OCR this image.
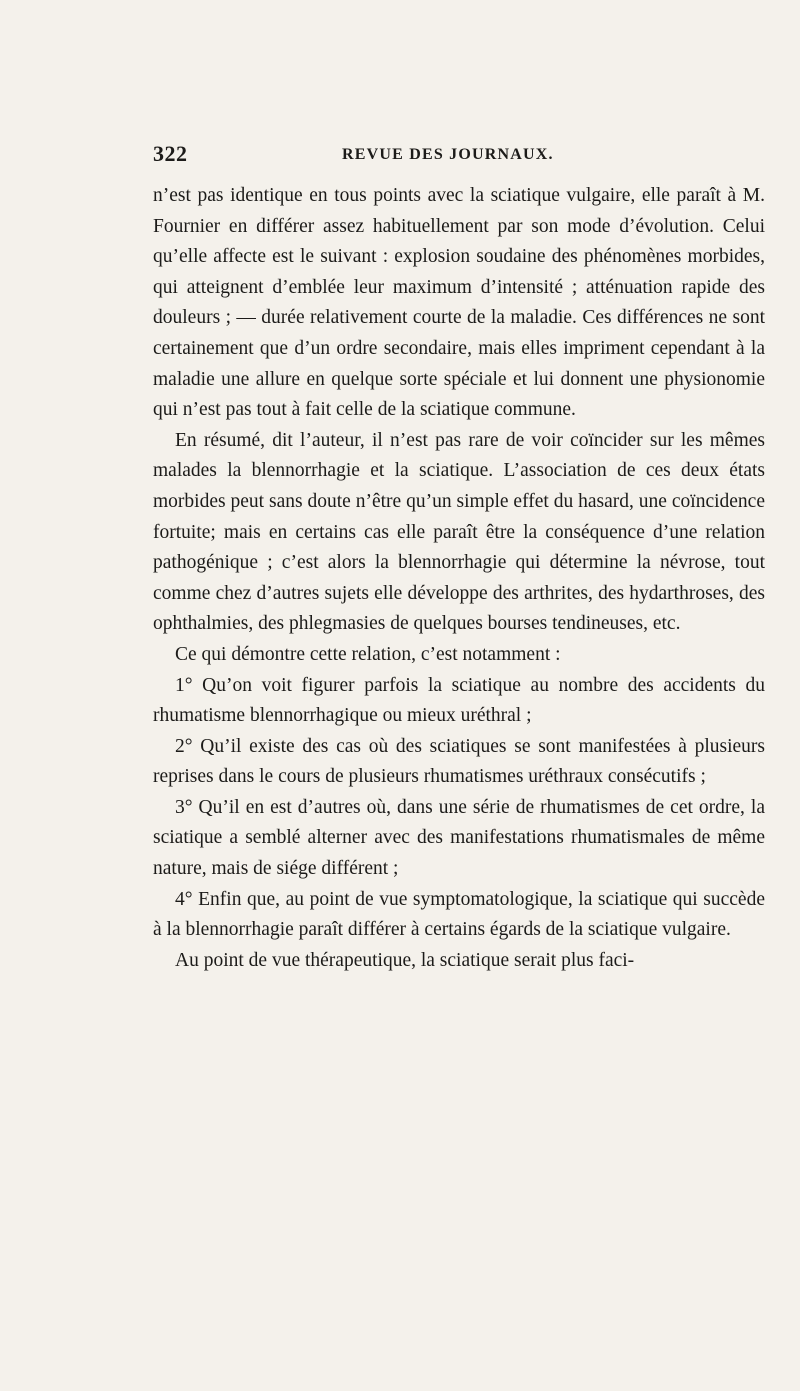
322	REVUE DES JOURNAUX.

n’est pas identique en tous points avec la sciatique vulgaire, elle paraît à M. Fournier en différer assez habituellement par son mode d’évolution. Celui qu’elle affecte est le suivant : explosion soudaine des phénomènes morbides, qui atteignent d’emblée leur maximum d’intensité ; atténuation rapide des douleurs ; — durée relativement courte de la maladie. Ces différences ne sont certainement que d’un ordre secondaire, mais elles impriment cependant à la maladie une allure en quelque sorte spéciale et lui donnent une physionomie qui n’est pas tout à fait celle de la sciatique commune.

En résumé, dit l’auteur, il n’est pas rare de voir coïncider sur les mêmes malades la blennorrhagie et la sciatique. L’association de ces deux états morbides peut sans doute n’être qu’un simple effet du hasard, une coïncidence fortuite; mais en certains cas elle paraît être la conséquence d’une relation pathogénique ; c’est alors la blennorrhagie qui détermine la névrose, tout comme chez d’autres sujets elle développe des arthrites, des hydarthroses, des ophthalmies, des phlegmasies de quelques bourses tendineuses, etc.

Ce qui démontre cette relation, c’est notamment :

1° Qu’on voit figurer parfois la sciatique au nombre des accidents du rhumatisme blennorrhagique ou mieux uréthral ;

2° Qu’il existe des cas où des sciatiques se sont manifestées à plusieurs reprises dans le cours de plusieurs rhumatismes uréthraux consécutifs ;

3° Qu’il en est d’autres où, dans une série de rhumatismes de cet ordre, la sciatique a semblé alterner avec des manifestations rhumatismales de même nature, mais de siége différent ;

4° Enfin que, au point de vue symptomatologique, la sciatique qui succède à la blennorrhagie paraît différer à certains égards de la sciatique vulgaire.

Au point de vue thérapeutique, la sciatique serait plus faci-
